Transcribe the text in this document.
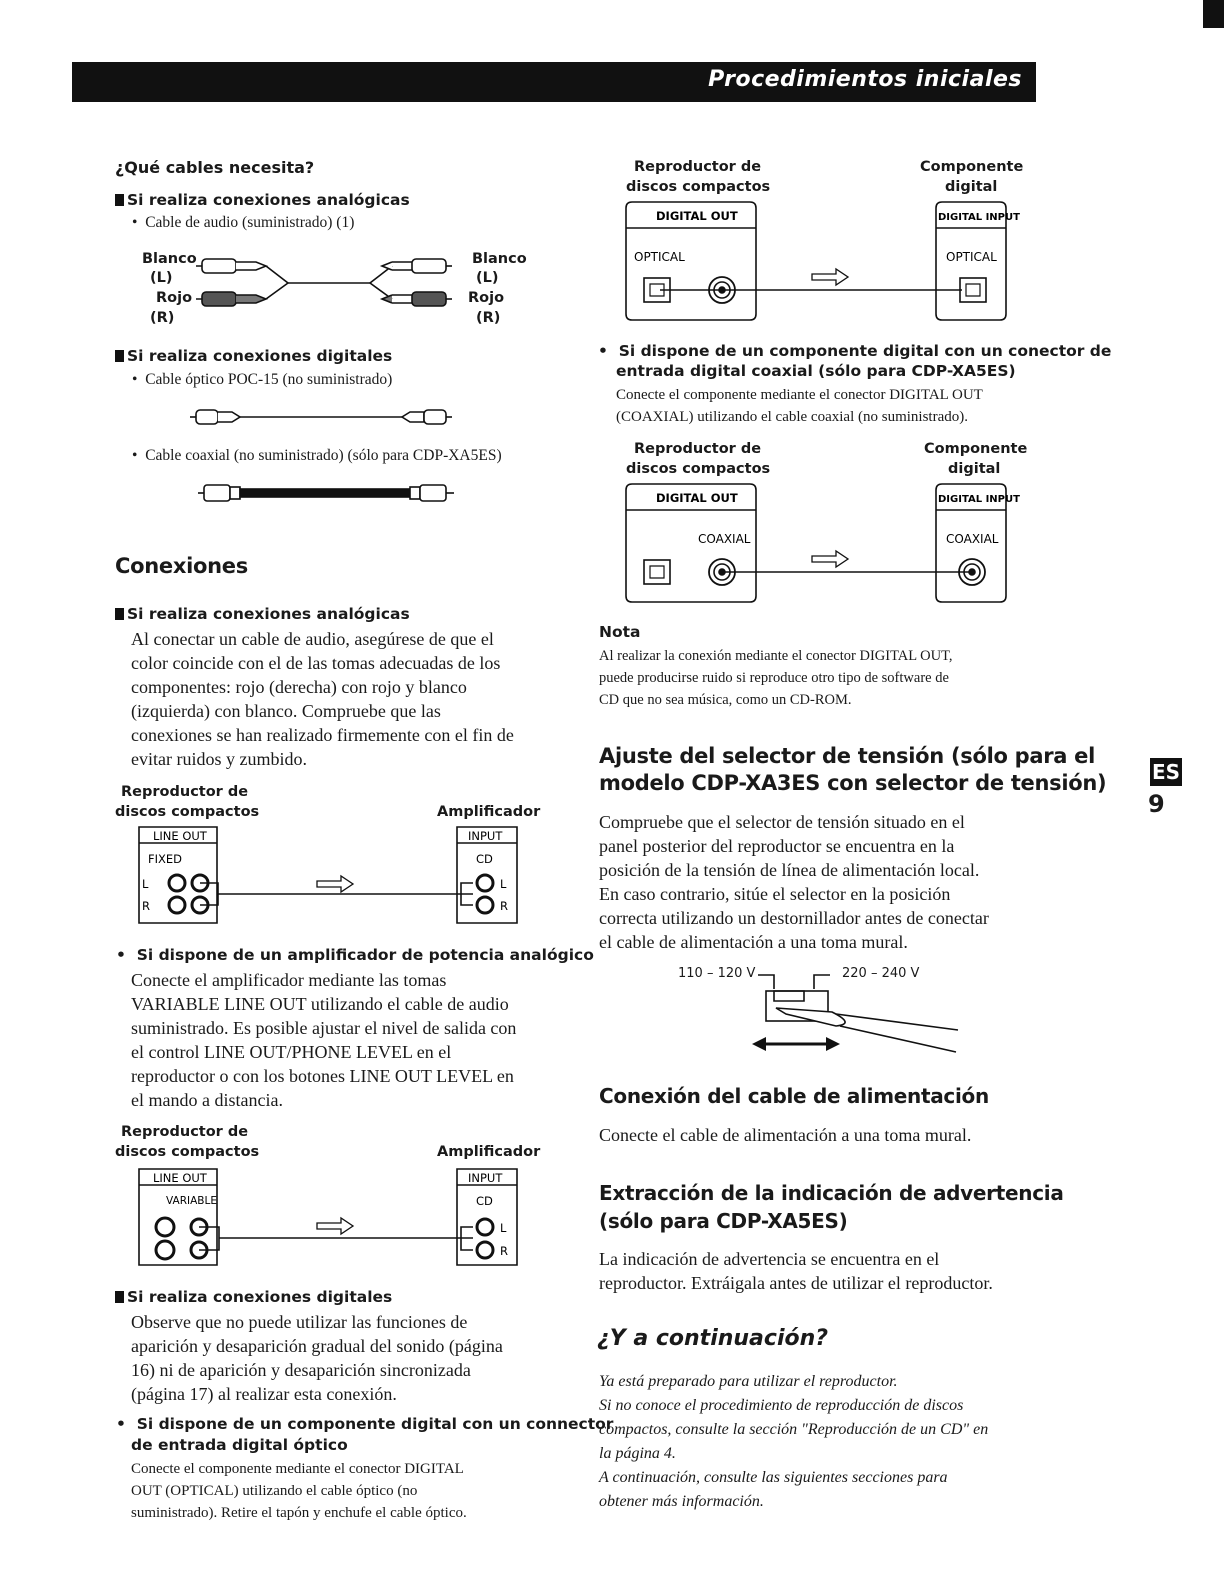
Procedimientos iniciales
ES
9
¿Qué cables necesita?
Si realiza conexiones analógicas
•  Cable de audio (suministrado) (1)
Blanco
(L)
Rojo
(R)
Blanco
(L)
Rojo
(R)
Si realiza conexiones digitales
•  Cable óptico POC-15 (no suministrado)
•  Cable coaxial (no suministrado) (sólo para CDP-XA5ES)
Conexiones
Si realiza conexiones analógicas
Al conectar un cable de audio, asegúrese de que el
color coincide con el de las tomas adecuadas de los
componentes: rojo (derecha) con rojo y blanco
(izquierda) con blanco. Compruebe que las
conexiones se han realizado firmemente con el fin de
evitar ruidos y zumbido.
Reproductor de
discos compactos	Amplificador
LINE OUT
FIXED
L
R
INPUT
CD
L
R
•  Si dispone de un amplificador de potencia analógico
Conecte el amplificador mediante las tomas
VARIABLE LINE OUT utilizando el cable de audio
suministrado. Es posible ajustar el nivel de salida con
el control LINE OUT/PHONE LEVEL en el
reproductor o con los botones LINE OUT LEVEL en
el mando a distancia.
Reproductor de
discos compactos	Amplificador
LINE OUT
VARIABLE
INPUT
CD
L
R
Si realiza conexiones digitales
Observe que no puede utilizar las funciones de
aparición y desaparición gradual del sonido (página
16) ni de aparición y desaparición sincronizada
(página 17) al realizar esta conexión.
•  Si dispone de un componente digital con un connector
de entrada digital óptico
Conecte el componente mediante el conector DIGITAL
OUT (OPTICAL) utilizando el cable óptico (no
suministrado). Retire el tapón y enchufe el cable óptico.
Reproductor de
discos compactos
Componente
digital
DIGITAL OUT
OPTICAL
DIGITAL INPUT
OPTICAL
•  Si dispone de un componente digital con un conector de
entrada digital coaxial (sólo para CDP-XA5ES)
Conecte el componente mediante el conector DIGITAL OUT
(COAXIAL) utilizando el cable coaxial (no suministrado).
Reproductor de
discos compactos
Componente
digital
DIGITAL OUT
COAXIAL
DIGITAL INPUT
COAXIAL
Nota
Al realizar la conexión mediante el conector DIGITAL OUT,
puede producirse ruido si reproduce otro tipo de software de
CD que no sea música, como un CD-ROM.
Ajuste del selector de tensión (sólo para el
modelo CDP-XA3ES con selector de tensión)
Compruebe que el selector de tensión situado en el
panel posterior del reproductor se encuentra en la
posición de la tensión de línea de alimentación local.
En caso contrario, sitúe el selector en la posición
correcta utilizando un destornillador antes de conectar
el cable de alimentación a una toma mural.
110 – 120 V	220 – 240 V
Conexión del cable de alimentación
Conecte el cable de alimentación a una toma mural.
Extracción de la indicación de advertencia
(sólo para CDP-XA5ES)
La indicación de advertencia se encuentra en el
reproductor. Extráigala antes de utilizar el reproductor.
¿Y a continuación?
Ya está preparado para utilizar el reproductor.
Si no conoce el procedimiento de reproducción de discos
compactos, consulte la sección "Reproducción de un CD" en
la página 4.
A continuación, consulte las siguientes secciones para
obtener más información.
